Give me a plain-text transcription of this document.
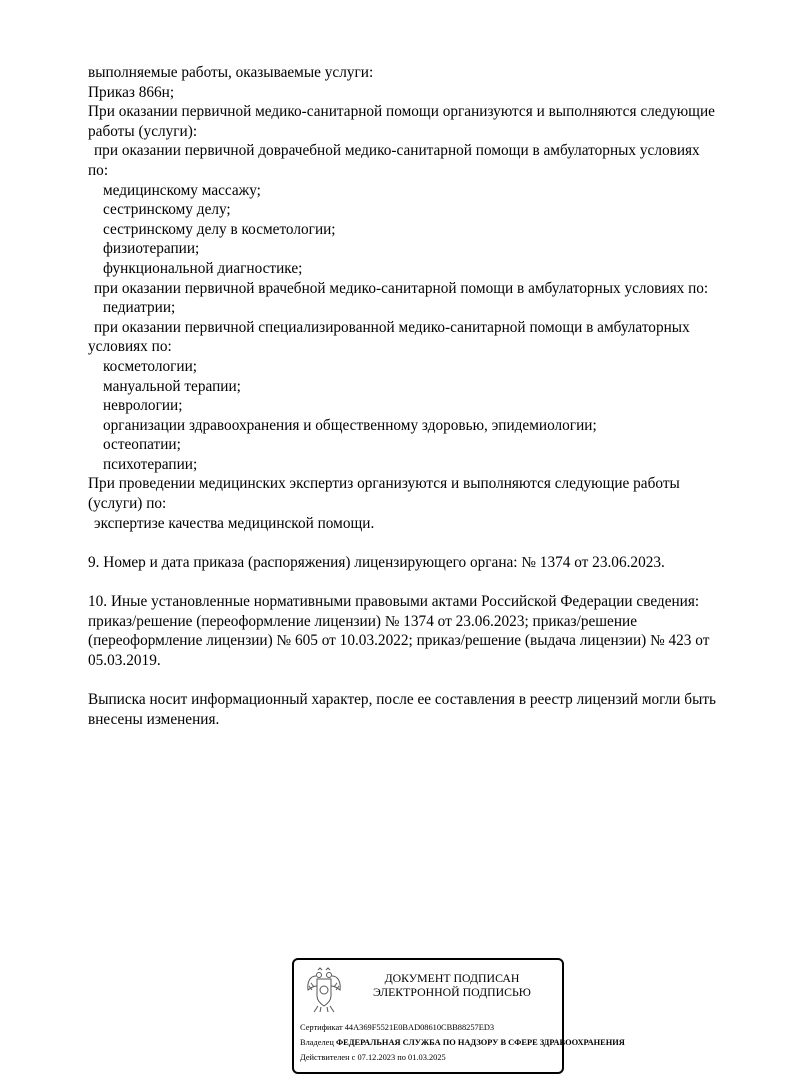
выполняемые работы, оказываемые услуги:
Приказ 866н;
При оказании первичной медико-санитарной помощи организуются и выполняются следующие
работы (услуги):
при оказании первичной доврачебной медико-санитарной помощи в амбулаторных условиях
по:
медицинскому массажу;
сестринскому делу;
сестринскому делу в косметологии;
физиотерапии;
функциональной диагностике;
при оказании первичной врачебной медико-санитарной помощи в амбулаторных условиях по:
педиатрии;
при оказании первичной специализированной медико-санитарной помощи в амбулаторных
условиях по:
косметологии;
мануальной терапии;
неврологии;
организации здравоохранения и общественному здоровью, эпидемиологии;
остеопатии;
психотерапии;
При проведении медицинских экспертиз организуются и выполняются следующие работы
(услуги) по:
экспертизе качества медицинской помощи.
9. Номер и дата приказа (распоряжения) лицензирующего органа: № 1374 от 23.06.2023.
10. Иные установленные нормативными правовыми актами Российской Федерации сведения:
приказ/решение (переоформление лицензии) № 1374 от 23.06.2023; приказ/решение
(переоформление лицензии) № 605 от 10.03.2022; приказ/решение (выдача лицензии) № 423 от
05.03.2019.
Выписка носит информационный характер, после ее составления в реестр лицензий могли быть
внесены изменения.
ДОКУМЕНТ ПОДПИСАН
ЭЛЕКТРОННОЙ ПОДПИСЬЮ
Сертификат 44A369F5521E0BAD08610CBB88257ED3
Владелец ФЕДЕРАЛЬНАЯ СЛУЖБА ПО НАДЗОРУ В СФЕРЕ ЗДРАВООХРАНЕНИЯ
Действителен с 07.12.2023 по 01.03.2025
